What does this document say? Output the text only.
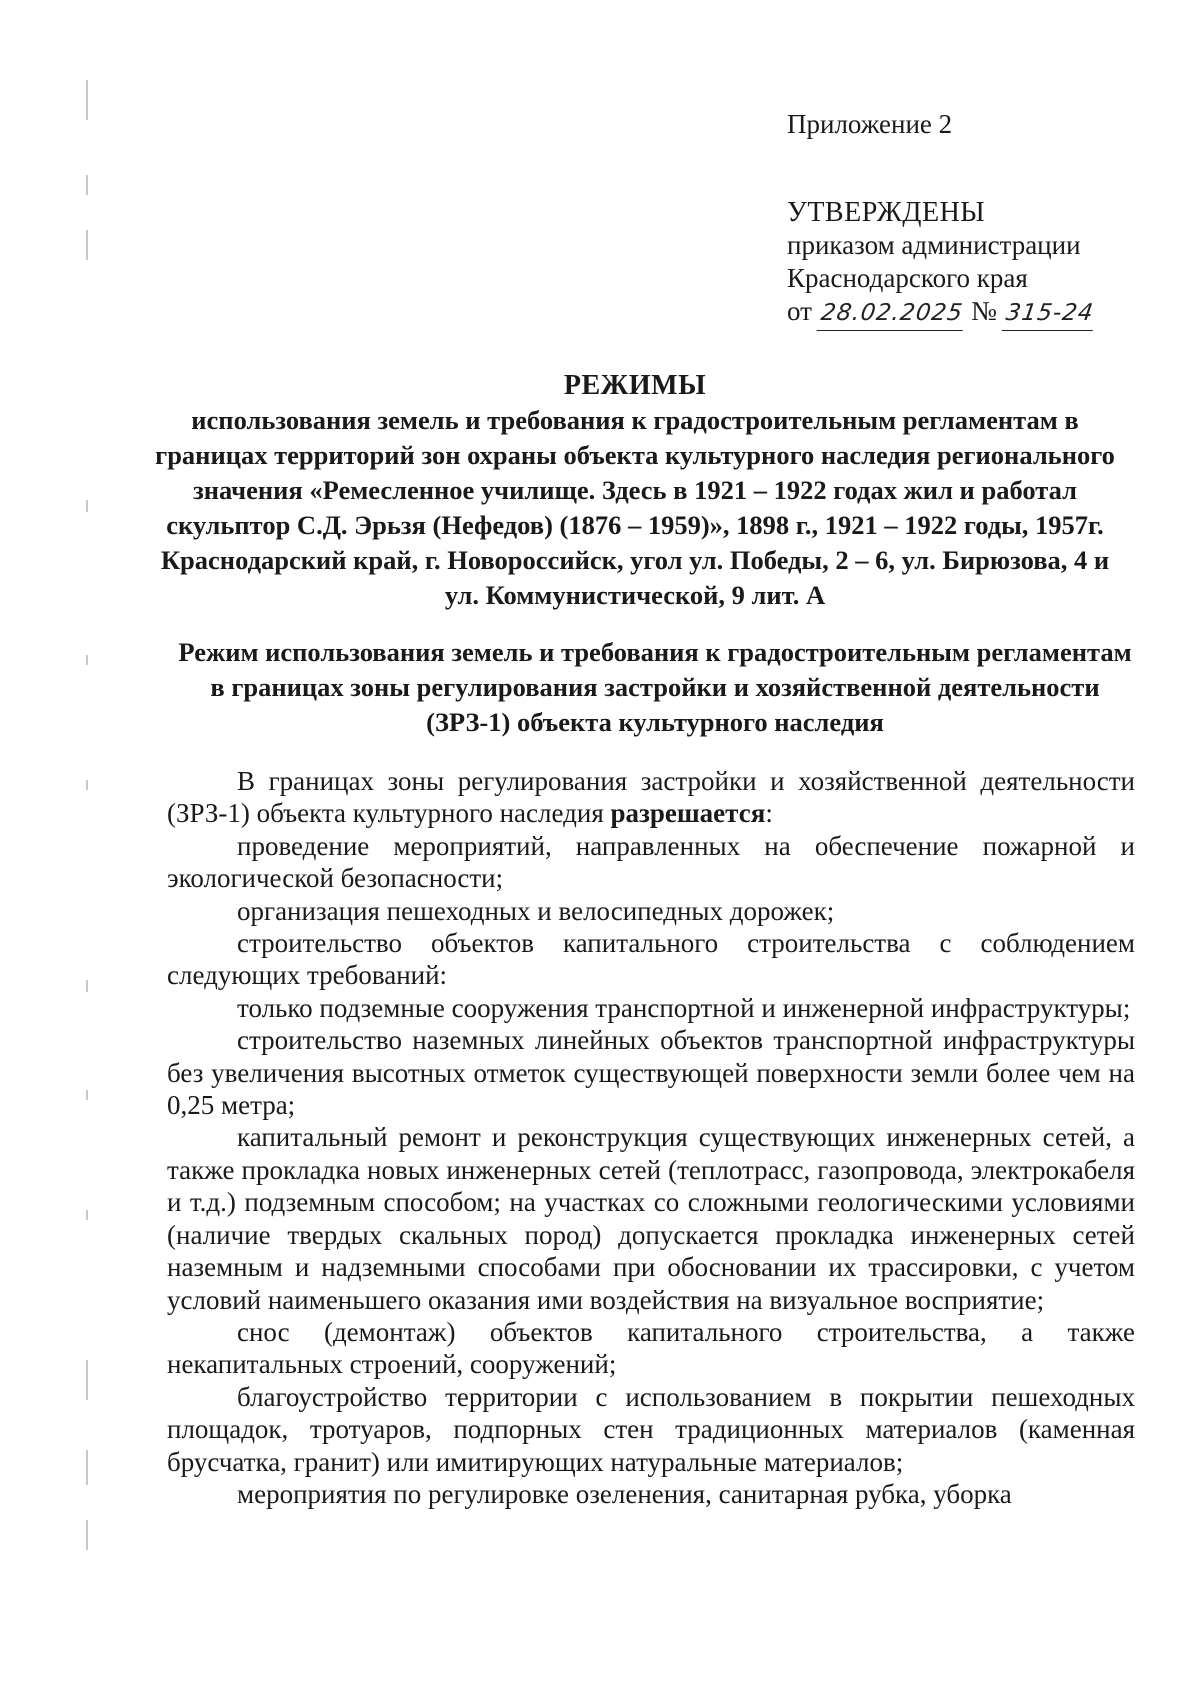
Приложение 2
УТВЕРЖДЕНЫ
приказом администрации
Краснодарского края
от 28.02.2025 № 315-24
РЕЖИМЫ
использования земель и требования к градостроительным регламентам в границах территорий зон охраны объекта культурного наследия регионального значения «Ремесленное училище. Здесь в 1921 – 1922 годах жил и работал скульптор С.Д. Эрьзя (Нефедов) (1876 – 1959)», 1898 г., 1921 – 1922 годы, 1957г. Краснодарский край, г. Новороссийск, угол ул. Победы, 2 – 6, ул. Бирюзова, 4 и ул. Коммунистической, 9 лит. А
Режим использования земель и требования к градостроительным регламентам в границах зоны регулирования застройки и хозяйственной деятельности (ЗРЗ-1) объекта культурного наследия

В границах зоны регулирования застройки и хозяйственной деятельности (ЗРЗ-1) объекта культурного наследия разрешается:

проведение мероприятий, направленных на обеспечение пожарной и экологической безопасности;

организация пешеходных и велосипедных дорожек;

строительство объектов капитального строительства с соблюдением следующих требований:

только подземные сооружения транспортной и инженерной инфраструктуры;

строительство наземных линейных объектов транспортной инфраструктуры без увеличения высотных отметок существующей поверхности земли более чем на 0,25 метра;

капитальный ремонт и реконструкция существующих инженерных сетей, а также прокладка новых инженерных сетей (теплотрасс, газопровода, электрокабеля и т.д.) подземным способом; на участках со сложными геологическими условиями (наличие твердых скальных пород) допускается прокладка инженерных сетей наземным и надземными способами при обосновании их трассировки, с учетом условий наименьшего оказания ими воздействия на визуальное восприятие;

снос (демонтаж) объектов капитального строительства, а также некапитальных строений, сооружений;

благоустройство территории с использованием в покрытии пешеходных площадок, тротуаров, подпорных стен традиционных материалов (каменная брусчатка, гранит) или имитирующих натуральные материалов;

мероприятия по регулировке озеленения, санитарная рубка, уборка
